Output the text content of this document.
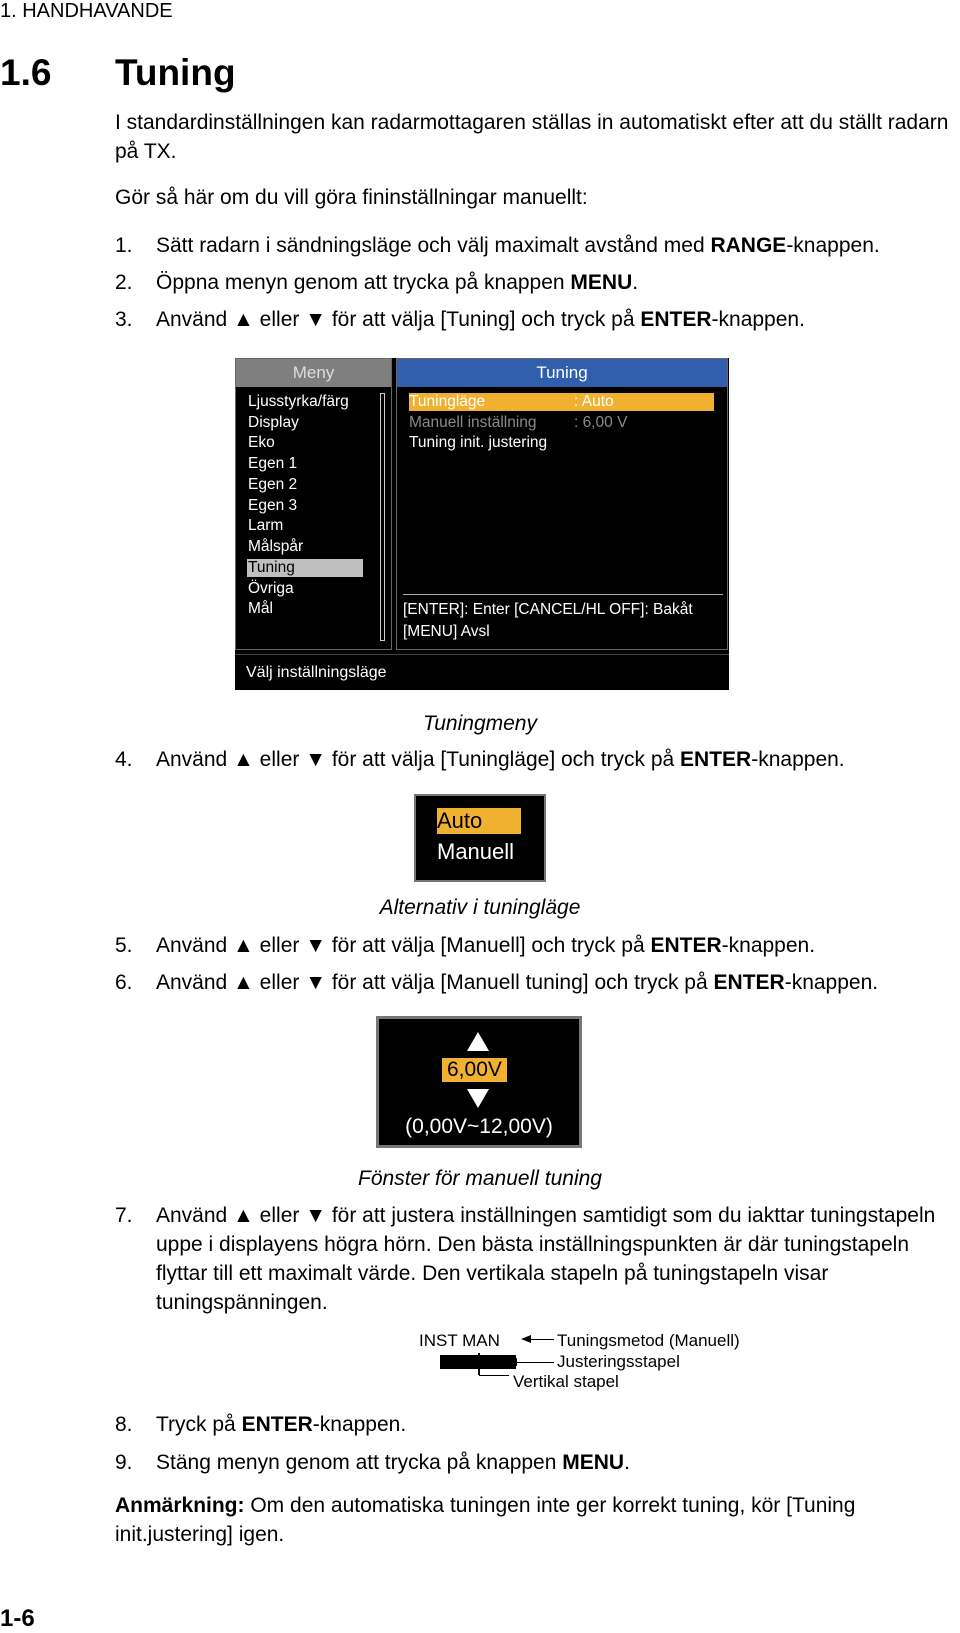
1. HANDHAVANDE
1.6 Tuning
I standardinställningen kan radarmottagaren ställas in automatiskt efter att du ställt radarn på TX.
Gör så här om du vill göra fininställningar manuellt:
1. Sätt radarn i sändningsläge och välj maximalt avstånd med RANGE-knappen.
2. Öppna menyn genom att trycka på knappen MENU.
3. Använd ▲ eller ▼ för att välja [Tuning] och tryck på ENTER-knappen.
Meny
Ljusstyrka/färg
Display
Eko
Egen 1
Egen 2
Egen 3
Larm
Målspår
Tuning
Övriga
Mål
Tuning
Tuningläge	: Auto
Manuell inställning : 6,00 V
Tuning init. justering
[ENTER]: Enter [CANCEL/HL OFF]: Bakåt
[MENU] Avsl
Välj inställningsläge
Tuningmeny
4. Använd ▲ eller ▼ för att välja [Tuningläge] och tryck på ENTER-knappen.
Auto
Manuell
Alternativ i tuningläge
5. Använd ▲ eller ▼ för att välja [Manuell] och tryck på ENTER-knappen.
6. Använd ▲ eller ▼ för att välja [Manuell tuning] och tryck på ENTER-knappen.
6,00V
(0,00V~12,00V)
Fönster för manuell tuning
7. Använd ▲ eller ▼ för att justera inställningen samtidigt som du iakttar tuningstapeln uppe i displayens högra hörn. Den bästa inställningspunkten är där tuningstapeln flyttar till ett maximalt värde. Den vertikala stapeln på tuningstapeln visar tuningspänningen.
INST MAN	Tuningsmetod (Manuell)
Justeringsstapel
Vertikal stapel
8. Tryck på ENTER-knappen.
9. Stäng menyn genom att trycka på knappen MENU.
Anmärkning: Om den automatiska tuningen inte ger korrekt tuning, kör [Tuning init.justering] igen.
1-6
